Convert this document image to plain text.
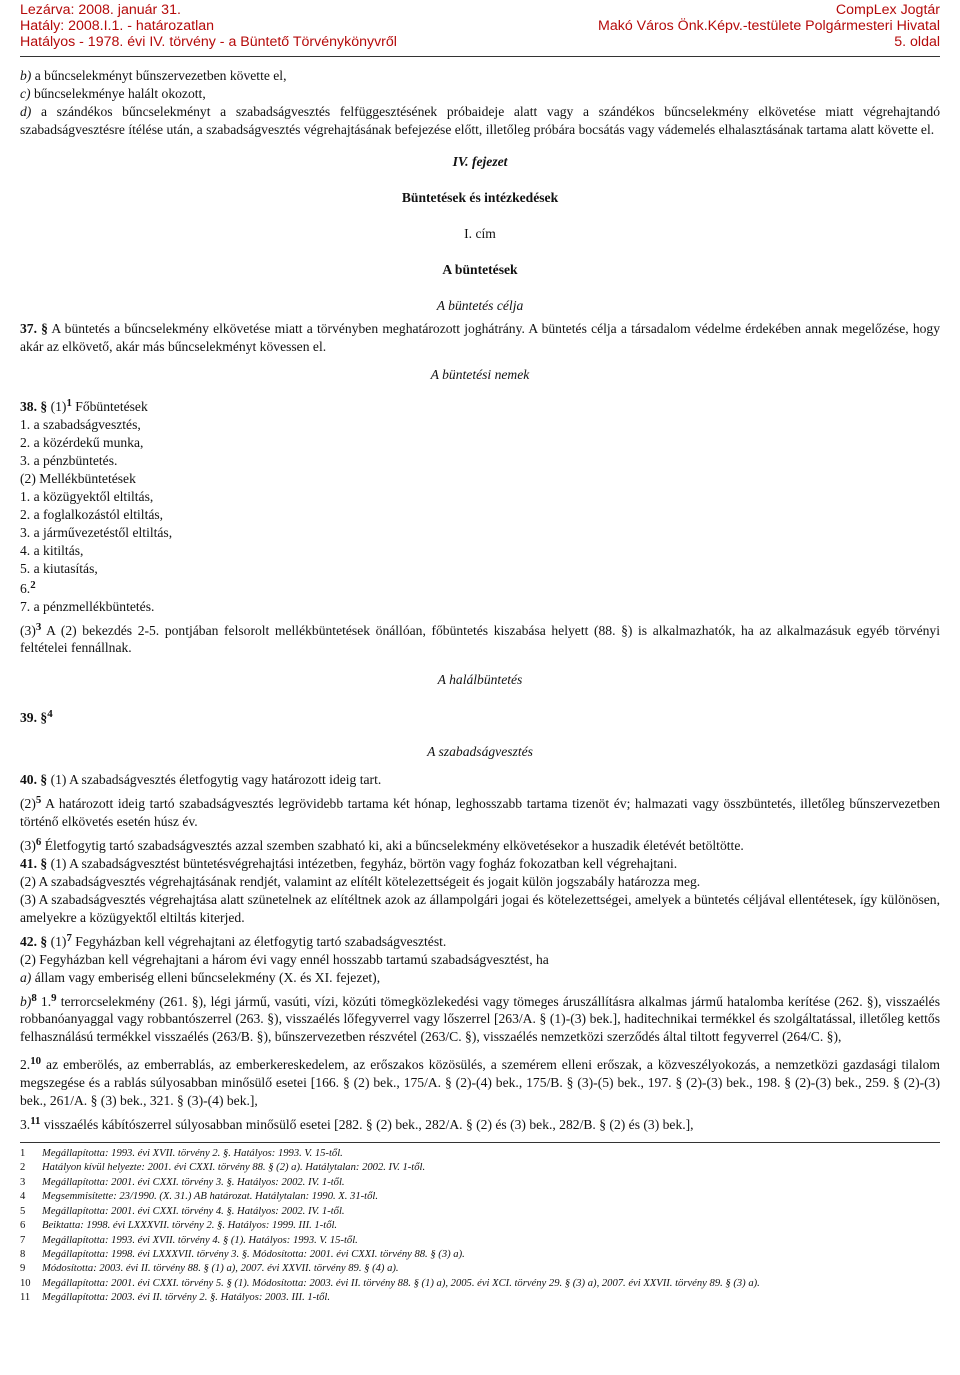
Lezárva: 2008. január 31.	CompLex Jogtár
Hatály: 2008.I.1. - határozatlan	Makó Város Önk.Képv.-testülete Polgármesteri Hivatal
Hatályos - 1978. évi IV. törvény - a Büntető Törvénykönyvről	5. oldal

b) a bűncselekményt bűnszervezetben követte el,

c) bűncselekménye halált okozott,

d) a szándékos bűncselekményt a szabadságvesztés felfüggesztésének próbaideje alatt vagy a szándékos bűncselekmény elkövetése miatt végrehajtandó szabadságvesztésre ítélése után, a szabadságvesztés végrehajtásának befejezése előtt, illetőleg próbára bocsátás vagy vádemelés elhalasztásának tartama alatt követte el.

IV. fejezet

Büntetések és intézkedések

I. cím

A büntetések

A büntetés célja

37. § A büntetés a bűncselekmény elkövetése miatt a törvényben meghatározott joghátrány. A büntetés célja a társadalom védelme érdekében annak megelőzése, hogy akár az elkövető, akár más bűncselekményt kövessen el.

A büntetési nemek

38. § $(1)^1$ Főbüntetések

1. a szabadságvesztés,

2. a közérdekű munka,

3. a pénzbüntetés.

(2) Mellékbüntetések

1. a közügyektől eltiltás,

2. a foglalkozástól eltiltás,

3. a járművezetéstől eltiltás,

4. a kitiltás,

5. a kiutasítás,

6.$^2$

7. a pénzmellékbüntetés.

$(3)^3$ A (2) bekezdés 2-5. pontjában felsorolt mellékbüntetések önállóan, főbüntetés kiszabása helyett (88. §) is alkalmazhatók, ha az alkalmazásuk egyéb törvényi feltételei fennállnak.

A halálbüntetés

39. §$^4$

A szabadságvesztés

40. § (1) A szabadságvesztés életfogytig vagy határozott ideig tart.

$(2)^5$ A határozott ideig tartó szabadságvesztés legrövidebb tartama két hónap, leghosszabb tartama tizenöt év; halmazati vagy összbüntetés, illetőleg bűnszervezetben történő elkövetés esetén húsz év.

$(3)^6$ Életfogytig tartó szabadságvesztés azzal szemben szabható ki, aki a bűncselekmény elkövetésekor a huszadik életévét betöltötte.

41. § (1) A szabadságvesztést büntetésvégrehajtási intézetben, fegyház, börtön vagy fogház fokozatban kell végrehajtani.

(2) A szabadságvesztés végrehajtásának rendjét, valamint az elítélt kötelezettségeit és jogait külön jogszabály határozza meg.

(3) A szabadságvesztés végrehajtása alatt szünetelnek az elítéltnek azok az állampolgári jogai és kötelezettségei, amelyek a büntetés céljával ellentétesek, így különösen, amelyekre a közügyektől eltiltás kiterjed.

42. § $(1)^7$ Fegyházban kell végrehajtani az életfogytig tartó szabadságvesztést.

(2) Fegyházban kell végrehajtani a három évi vagy ennél hosszabb tartamú szabadságvesztést, ha

a) állam vagy emberiség elleni bűncselekmény (X. és XI. fejezet),

b)$^8$ 1.$^9$ terrorcselekmény (261. §), légi jármű, vasúti, vízi, közúti tömegközlekedési vagy tömeges áruszállításra alkalmas jármű hatalomba kerítése (262. §), visszaélés robbanóanyaggal vagy robbantószerrel (263. §), visszaélés lőfegyverrel vagy lőszerrel [263/A. § (1)-(3) bek.], haditechnikai termékkel és szolgáltatással, illetőleg kettős felhasználású termékkel visszaélés (263/B. §), bűnszervezetben részvétel (263/C. §), visszaélés nemzetközi szerződés által tiltott fegyverrel (264/C. §),

2.10 az emberölés, az emberrablás, az emberkereskedelem, az erőszakos közösülés, a szemérem elleni erőszak, a közveszélyokozás, a nemzetközi gazdasági tilalom megszegése és a rablás súlyosabban minősülő esetei [166. § (2) bek., 175/A. § (2)-(4) bek., 175/B. § (3)-(5) bek., 197. § (2)-(3) bek., 198. § (2)-(3) bek., 259. § (2)-(3) bek., 261/A. § (3) bek., 321. § (3)-(4) bek.],

3.11 visszaélés kábítószerrel súlyosabban minősülő esetei [282. § (2) bek., 282/A. § (2) és (3) bek., 282/B. § (2) és (3) bek.],

1	Megállapította: 1993. évi XVII. törvény 2. §. Hatályos: 1993. V. 15-től.
2	Hatályon kívül helyezte: 2001. évi CXXI. törvény 88. § (2) a). Hatálytalan: 2002. IV. 1-től.
3	Megállapította: 2001. évi CXXI. törvény 3. §. Hatályos: 2002. IV. 1-től.
4	Megsemmisítette: 23/1990. (X. 31.) AB határozat. Hatálytalan: 1990. X. 31-től.
5	Megállapította: 2001. évi CXXI. törvény 4. §. Hatályos: 2002. IV. 1-től.
6	Beiktatta: 1998. évi LXXXVII. törvény 2. §. Hatályos: 1999. III. 1-től.
7	Megállapította: 1993. évi XVII. törvény 4. § (1). Hatályos: 1993. V. 15-től.
8	Megállapította: 1998. évi LXXXVII. törvény 3. §. Módosította: 2001. évi CXXI. törvény 88. § (3) a).
9	Módosította: 2003. évi II. törvény 88. § (1) a), 2007. évi XXVII. törvény 89. § (4) a).
10	Megállapította: 2001. évi CXXI. törvény 5. § (1). Módosította: 2003. évi II. törvény 88. § (1) a), 2005. évi XCI. törvény 29. § (3) a), 2007. évi XXVII. törvény 89. § (3) a).
11	Megállapította: 2003. évi II. törvény 2. §. Hatályos: 2003. III. 1-től.
